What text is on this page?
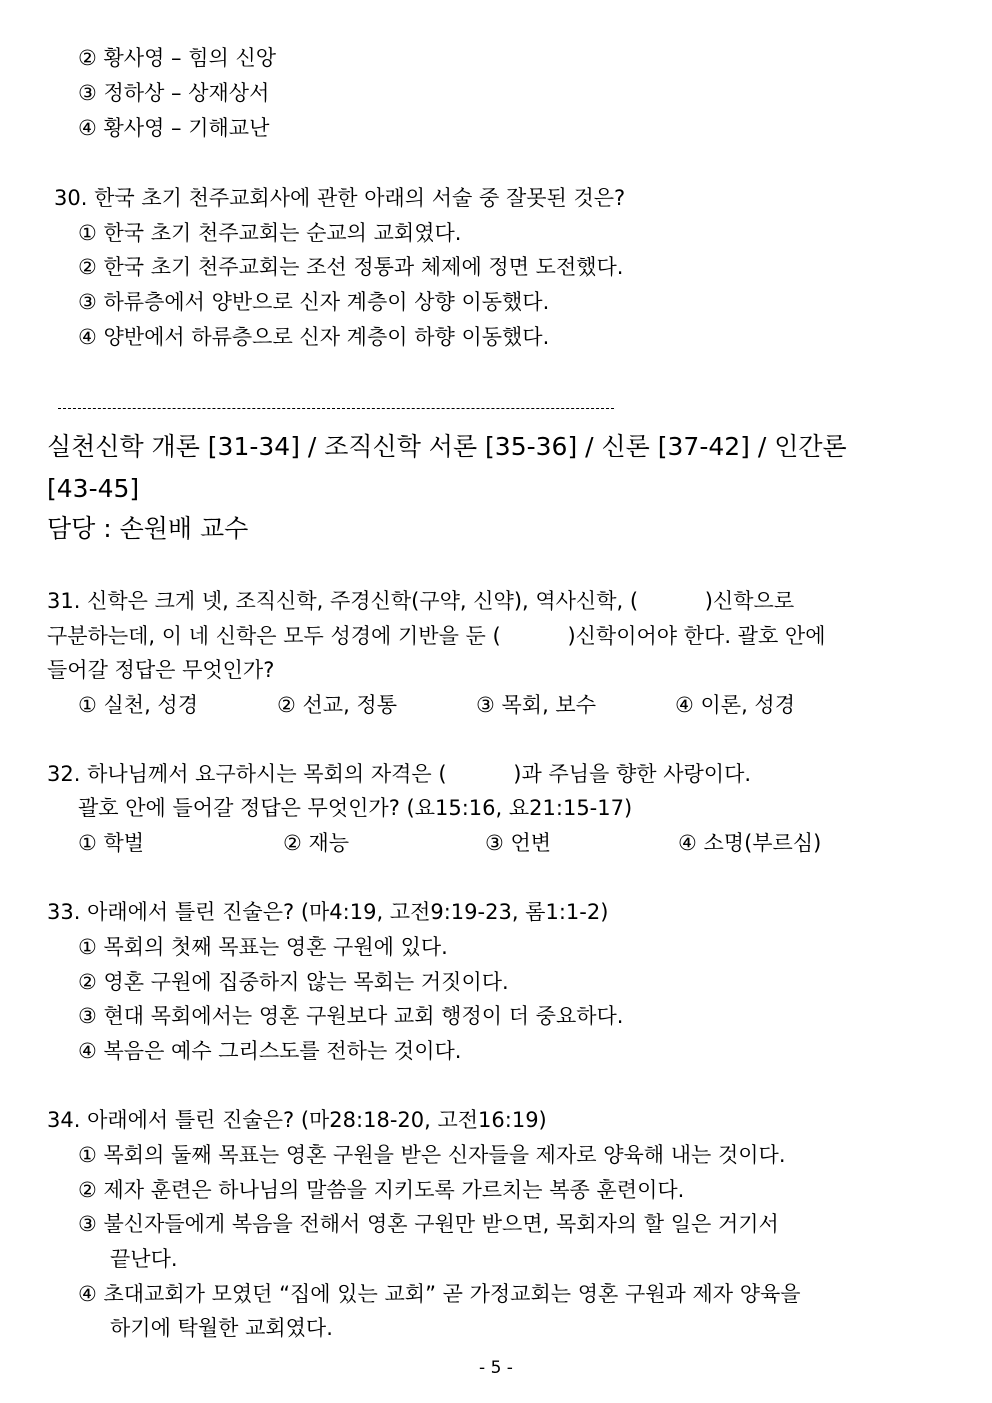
② 황사영 – 힘의 신앙
③ 정하상 – 상재상서
④ 황사영 – 기해교난
30. 한국 초기 천주교회사에 관한 아래의 서술 중 잘못된 것은?
① 한국 초기 천주교회는 순교의 교회였다.
② 한국 초기 천주교회는 조선 정통과 체제에 정면 도전했다.
③ 하류층에서 양반으로 신자 계층이 상향 이동했다.
④ 양반에서 하류층으로 신자 계층이 하향 이동했다.
실천신학 개론 [31-34] / 조직신학 서론 [35-36] / 신론 [37-42] / 인간론
[43-45]
담당 : 손원배 교수
31. 신학은 크게 넷, 조직신학, 주경신학(구약, 신약), 역사신학, (          )신학으로
구분하는데, 이 네 신학은 모두 성경에 기반을 둔 (          )신학이어야 한다. 괄호 안에
들어갈 정답은 무엇인가?
① 실천, 성경	② 선교, 정통	③ 목회, 보수	④ 이론, 성경
32. 하나님께서 요구하시는 목회의 자격은 (          )과 주님을 향한 사랑이다.
괄호 안에 들어갈 정답은 무엇인가? (요15:16, 요21:15-17)
① 학벌	② 재능	③ 언변	④ 소명(부르심)
33. 아래에서 틀린 진술은? (마4:19, 고전9:19-23, 롬1:1-2)
① 목회의 첫째 목표는 영혼 구원에 있다.
② 영혼 구원에 집중하지 않는 목회는 거짓이다.
③ 현대 목회에서는 영혼 구원보다 교회 행정이 더 중요하다.
④ 복음은 예수 그리스도를 전하는 것이다.
34. 아래에서 틀린 진술은? (마28:18-20, 고전16:19)
① 목회의 둘째 목표는 영혼 구원을 받은 신자들을 제자로 양육해 내는 것이다.
② 제자 훈련은 하나님의 말씀을 지키도록 가르치는 복종 훈련이다.
③ 불신자들에게 복음을 전해서 영혼 구원만 받으면, 목회자의 할 일은 거기서
끝난다.
④ 초대교회가 모였던 “집에 있는 교회” 곧 가정교회는 영혼 구원과 제자 양육을
하기에 탁월한 교회였다.
- 5 -
